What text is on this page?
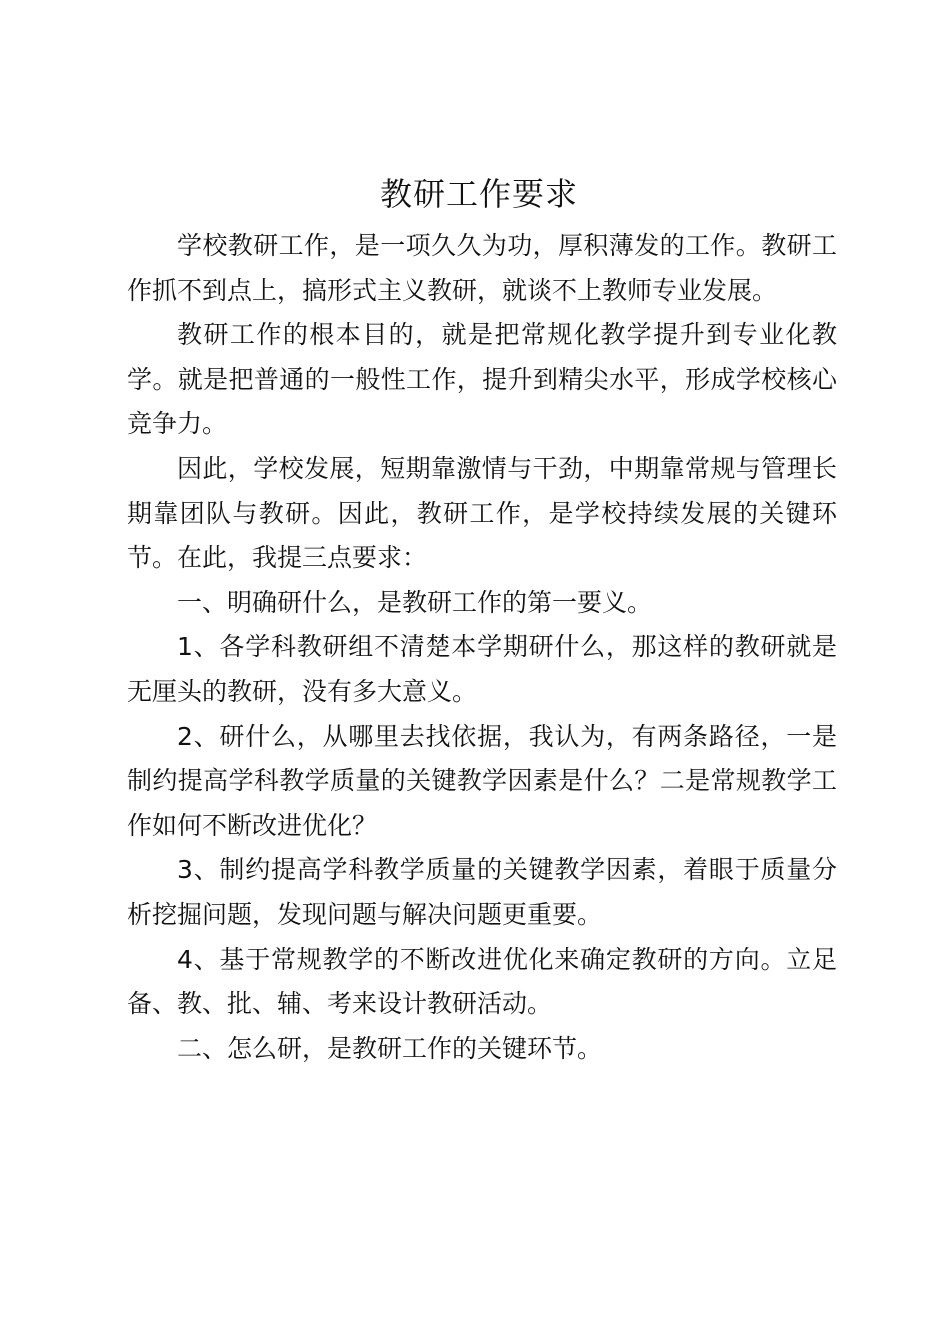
教研工作要求

学校教研工作，是一项久久为功，厚积薄发的工作。教研工作抓不到点上，搞形式主义教研，就谈不上教师专业发展。

教研工作的根本目的，就是把常规化教学提升到专业化教学。就是把普通的一般性工作，提升到精尖水平，形成学校核心竞争力。

因此，学校发展，短期靠激情与干劲，中期靠常规与管理长期靠团队与教研。因此，教研工作，是学校持续发展的关键环节。在此，我提三点要求：

一、明确研什么，是教研工作的第一要义。

1、各学科教研组不清楚本学期研什么，那这样的教研就是无厘头的教研，没有多大意义。

2、研什么，从哪里去找依据，我认为，有两条路径，一是制约提高学科教学质量的关键教学因素是什么？二是常规教学工作如何不断改进优化？

3、制约提高学科教学质量的关键教学因素，着眼于质量分析挖掘问题，发现问题与解决问题更重要。

4、基于常规教学的不断改进优化来确定教研的方向。立足备、教、批、辅、考来设计教研活动。

二、怎么研，是教研工作的关键环节。
